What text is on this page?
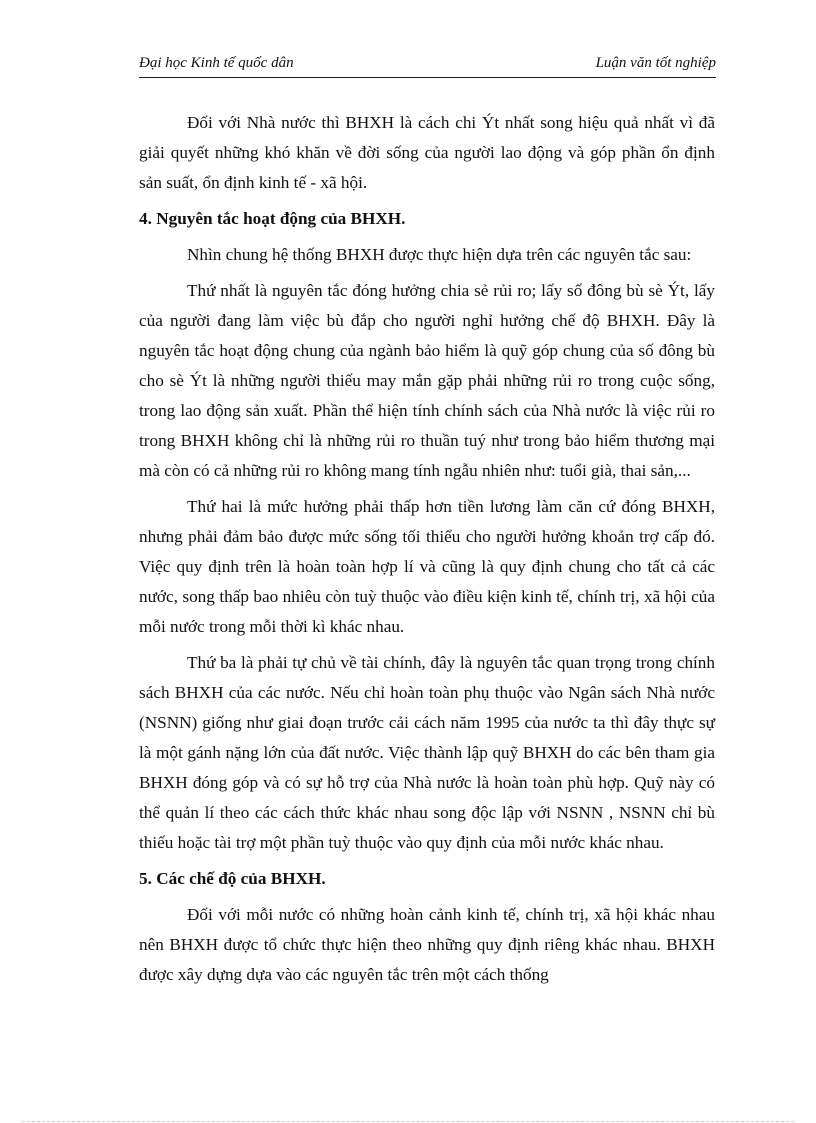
Đại học Kinh tế quốc dân	Luận văn tốt nghiệp

Đối với Nhà nước thì BHXH là cách chi Ýt nhất song hiệu quả nhất vì đã giải quyết những khó khăn về đời sống của người lao động và góp phần ổn định sản suất, ổn định kinh tế - xã hội.

4. Nguyên tắc hoạt động của BHXH.

Nhìn chung hệ thống BHXH được thực hiện dựa trên các nguyên tắc sau:

Thứ nhất là nguyên tắc đóng hưởng chia sẻ rủi ro; lấy số đông bù sè Ýt, lấy của người đang làm việc bù đắp cho người nghỉ hưởng chế độ BHXH. Đây là nguyên tắc hoạt động chung của ngành bảo hiểm là quỹ góp chung của số đông bù cho sè Ýt là những người thiếu may mắn gặp phải những rủi ro trong cuộc sống, trong lao động sản xuất. Phần thể hiện tính chính sách của Nhà nước là việc rủi ro trong BHXH không chỉ là những rủi ro thuần tuý như trong bảo hiểm thương mại mà còn có cả những rủi ro không mang tính ngẫu nhiên như: tuổi già, thai sản,...

Thứ hai là mức hưởng phải thấp hơn tiền lương làm căn cứ đóng BHXH, nhưng phải đảm bảo được mức sống tối thiểu cho người hưởng khoản trợ cấp đó. Việc quy định trên là hoàn toàn hợp lí và cũng là quy định chung cho tất cả các nước, song thấp bao nhiêu còn tuỳ thuộc vào điều kiện kinh tế, chính trị, xã hội của mỗi nước trong mỗi thời kì khác nhau.

Thứ ba là phải tự chủ về tài chính, đây là nguyên tắc quan trọng trong chính sách BHXH của các nước. Nếu chỉ hoàn toàn phụ thuộc vào Ngân sách Nhà nước (NSNN) giống như giai đoạn trước cải cách năm 1995 của nước ta thì đây thực sự là một gánh nặng lớn của đất nước. Việc thành lập quỹ BHXH do các bên tham gia BHXH đóng góp và có sự hỗ trợ của Nhà nước là hoàn toàn phù hợp. Quỹ này có thể quản lí theo các cách thức khác nhau song độc lập với NSNN , NSNN chỉ bù thiếu hoặc tài trợ một phần tuỳ thuộc vào quy định của mỗi nước khác nhau.

5. Các chế độ của BHXH.

Đối với mỗi nước có những hoàn cảnh kinh tế, chính trị, xã hội khác nhau nên BHXH được tổ chức thực hiện theo những quy định riêng khác nhau. BHXH được xây dựng dựa vào các nguyên tắc trên một cách thống
